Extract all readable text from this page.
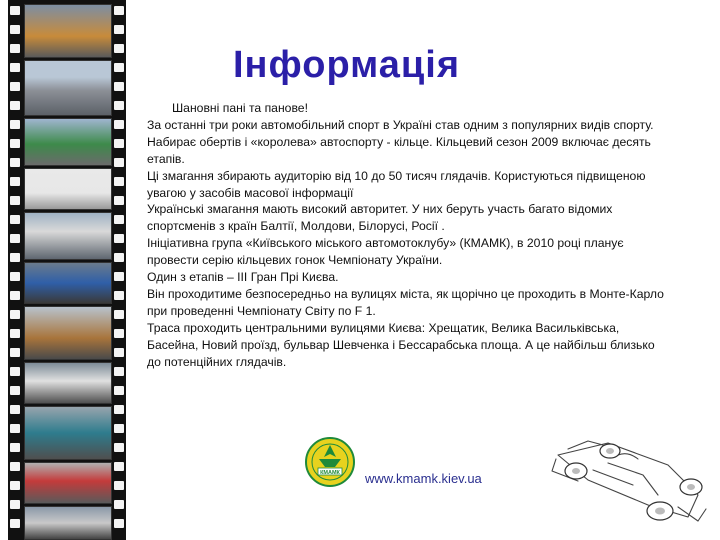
Інформація

Шановні пані та панове!

За останні три роки автомобільний спорт в Україні став одним з популярних видів спорту. Набирає обертів і «королева» автоспорту - кільце. Кільцевий сезон 2009 включає десять етапів.

Ці змагання збирають аудиторію від 10 до 50 тисяч глядачів. Користуються підвищеною увагою у засобів масової інформації

Українські змагання мають високий авторитет. У них беруть участь багато відомих спортсменів з країн Балтії, Молдови, Білорусі, Росії .

Ініціативна група «Київського міського автомотоклубу» (КМАМК), в 2010 році планує провести серію кільцевих гонок Чемпіонату України.

Один з етапів – III Гран Прі Києва.

Він проходитиме безпосередньо на вулицях міста, як щорічно це проходить в Монте-Карло при проведенні Чемпіонату Світу по F 1.

Траса проходить центральними вулицями Києва: Хрещатик, Велика Васильківська, Басейна, Новий проїзд, бульвар Шевченка і Бессарабська площа. А це найбільш близько до потенційних глядачів.

КМАМК www.kmamk.kiev.ua
